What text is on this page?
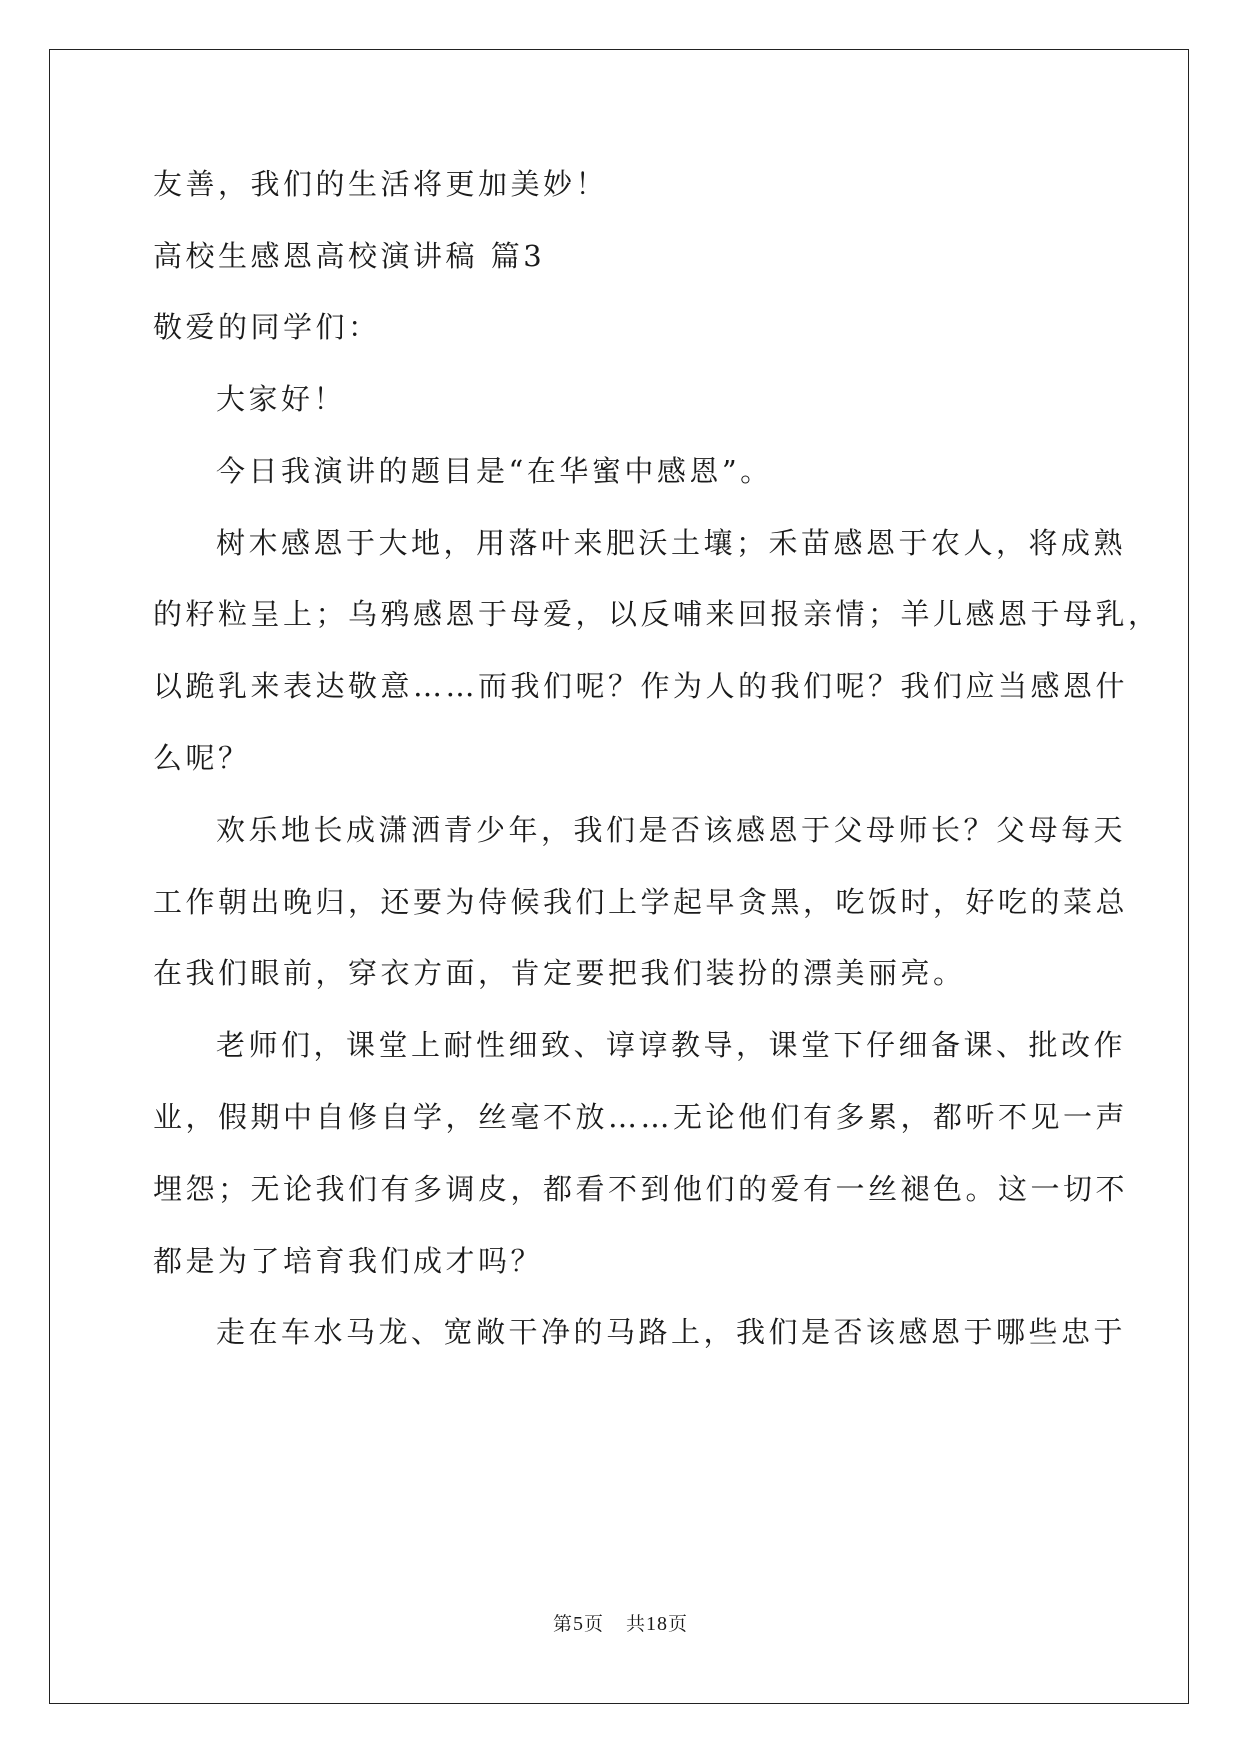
友善，我们的生活将更加美妙！
高校生感恩高校演讲稿 篇3
敬爱的同学们：
大家好！
今日我演讲的题目是“在华蜜中感恩”。
树木感恩于大地，用落叶来肥沃土壤；禾苗感恩于农人，将成熟
的籽粒呈上；乌鸦感恩于母爱，以反哺来回报亲情；羊儿感恩于母乳，
以跪乳来表达敬意……而我们呢？作为人的我们呢？我们应当感恩什
么呢？
欢乐地长成潇洒青少年，我们是否该感恩于父母师长？父母每天
工作朝出晚归，还要为侍候我们上学起早贪黑，吃饭时，好吃的菜总
在我们眼前，穿衣方面，肯定要把我们装扮的漂美丽亮。
老师们，课堂上耐性细致、谆谆教导，课堂下仔细备课、批改作
业，假期中自修自学，丝毫不放……无论他们有多累，都听不见一声
埋怨；无论我们有多调皮，都看不到他们的爱有一丝褪色。这一切不
都是为了培育我们成才吗？
走在车水马龙、宽敞干净的马路上，我们是否该感恩于哪些忠于
第5页 共18页
